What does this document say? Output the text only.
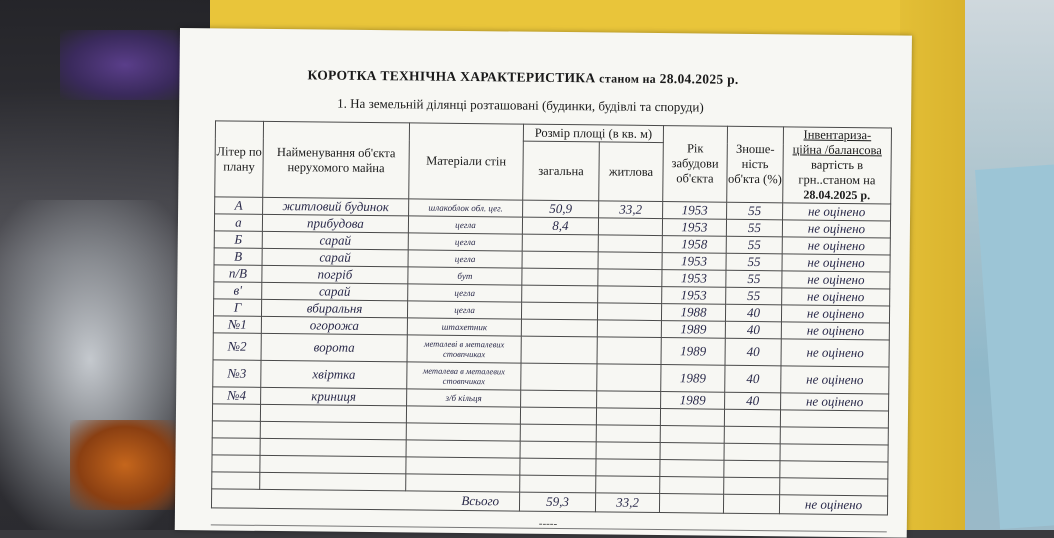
КОРОТКА ТЕХНІЧНА ХАРАКТЕРИСТИКА станом на 28.04.2025 р.
1. На земельній ділянці розташовані (будинки, будівлі та споруди)
Літер по плану	Найменування об'єкта нерухомого майна	Матеріали стін	Розмір площі (в кв. м)		Рік забудови об'єкта	Зноше-ність об'кта (%)	Інвентариза-
ційна /балансова
вартість в
грн..станом на
28.04.2025 р.
			загальна	житлова			
А	житловий будинок	шлакоблок обл. цег.	50,9	33,2	1953	55	не оцінено
а	прибудова	цегла	8,4		1953	55	не оцінено
Б	сарай	цегла			1958	55	не оцінено
В	сарай	цегла			1953	55	не оцінено
п/В	погріб	бут			1953	55	не оцінено
в'	сарай	цегла			1953	55	не оцінено
Г	вбиральня	цегла			1988	40	не оцінено
№1	огорожа	штахетник			1989	40	не оцінено
№2	ворота	металеві в металевих стовпчиках			1989	40	не оцінено
№3	хвіртка	металева в металевих стовпчиках			1989	40	не оцінено
№4	криниця	з/б кільця			1989	40	не оцінено

Всього			59,3	33,2			не оцінено
-----
